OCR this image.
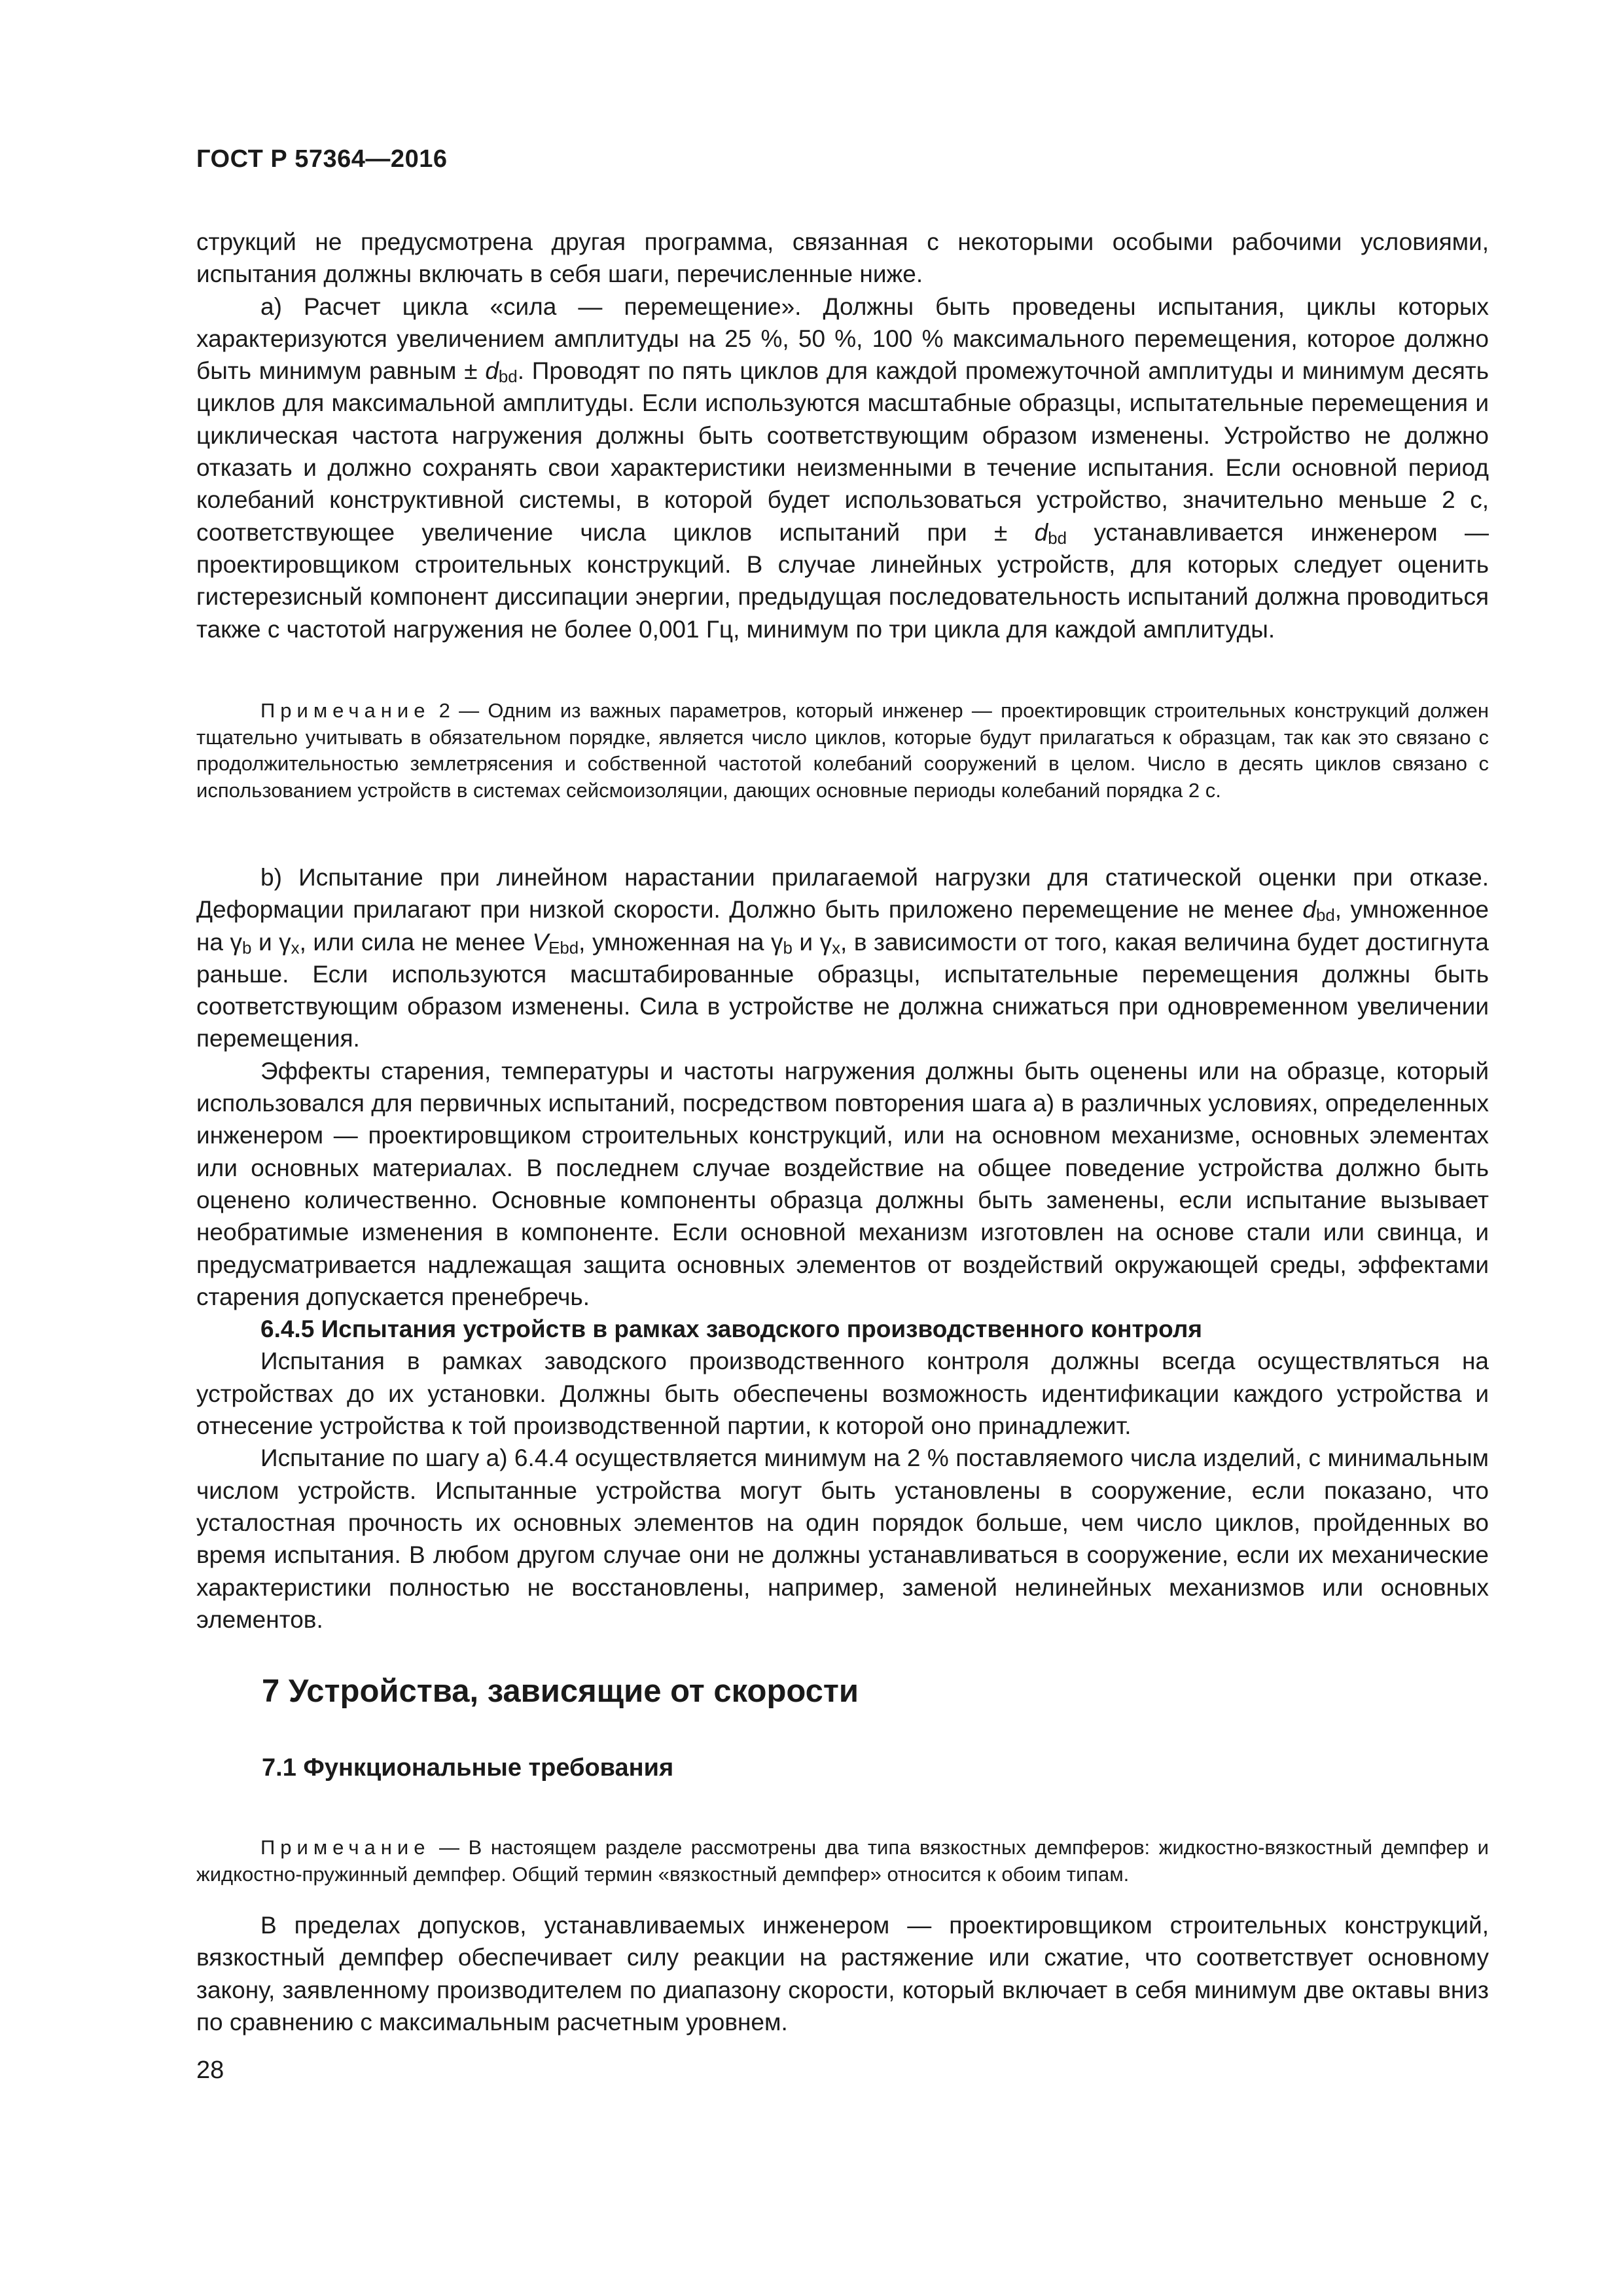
ГОСТ Р 57364—2016

струкций не предусмотрена другая программа, связанная с некоторыми особыми рабочими условиями, испытания должны включать в себя шаги, перечисленные ниже.

а) Расчет цикла «сила — перемещение». Должны быть проведены испытания, циклы которых характеризуются увеличением амплитуды на 25 %, 50 %, 100 % максимального перемещения, которое должно быть минимум равным ± $d_{bd}$. Проводят по пять циклов для каждой промежуточной амплитуды и минимум десять циклов для максимальной амплитуды. Если используются масштабные образцы, испытательные перемещения и циклическая частота нагружения должны быть соответствующим образом изменены. Устройство не должно отказать и должно сохранять свои характеристики неизменными в течение испытания. Если основной период колебаний конструктивной системы, в которой будет использоваться устройство, значительно меньше 2 с, соответствующее увеличение числа циклов испытаний при ± $d_{bd}$ устанавливается инженером — проектировщиком строительных конструкций. В случае линейных устройств, для которых следует оценить гистерезисный компонент диссипации энергии, предыдущая последовательность испытаний должна проводиться также с частотой нагружения не более 0,001 Гц, минимум по три цикла для каждой амплитуды.

Примечание 2 — Одним из важных параметров, который инженер — проектировщик строительных конструкций должен тщательно учитывать в обязательном порядке, является число циклов, которые будут прилагаться к образцам, так как это связано с продолжительностью землетрясения и собственной частотой колебаний сооружений в целом. Число в десять циклов связано с использованием устройств в системах сейсмоизоляции, дающих основные периоды колебаний порядка 2 с.

b) Испытание при линейном нарастании прилагаемой нагрузки для статической оценки при отказе. Деформации прилагают при низкой скорости. Должно быть приложено перемещение не менее $d_{bd}$, умноженное на $\gamma_b$ и $\gamma_x$, или сила не менее $V_{Ebd}$, умноженная на $\gamma_b$ и $\gamma_x$, в зависимости от того, какая величина будет достигнута раньше. Если используются масштабированные образцы, испытательные перемещения должны быть соответствующим образом изменены. Сила в устройстве не должна снижаться при одновременном увеличении перемещения.

Эффекты старения, температуры и частоты нагружения должны быть оценены или на образце, который использовался для первичных испытаний, посредством повторения шага а) в различных условиях, определенных инженером — проектировщиком строительных конструкций, или на основном механизме, основных элементах или основных материалах. В последнем случае воздействие на общее поведение устройства должно быть оценено количественно. Основные компоненты образца должны быть заменены, если испытание вызывает необратимые изменения в компоненте. Если основной механизм изготовлен на основе стали или свинца, и предусматривается надлежащая защита основных элементов от воздействий окружающей среды, эффектами старения допускается пренебречь.

6.4.5 Испытания устройств в рамках заводского производственного контроля

Испытания в рамках заводского производственного контроля должны всегда осуществляться на устройствах до их установки. Должны быть обеспечены возможность идентификации каждого устройства и отнесение устройства к той производственной партии, к которой оно принадлежит.

Испытание по шагу а) 6.4.4 осуществляется минимум на 2 % поставляемого числа изделий, с минимальным числом устройств. Испытанные устройства могут быть установлены в сооружение, если показано, что усталостная прочность их основных элементов на один порядок больше, чем число циклов, пройденных во время испытания. В любом другом случае они не должны устанавливаться в сооружение, если их механические характеристики полностью не восстановлены, например, заменой нелинейных механизмов или основных элементов.

7 Устройства, зависящие от скорости
7.1 Функциональные требования

Примечание — В настоящем разделе рассмотрены два типа вязкостных демпферов: жидкостно-вязкостный демпфер и жидкостно-пружинный демпфер. Общий термин «вязкостный демпфер» относится к обоим типам.

В пределах допусков, устанавливаемых инженером — проектировщиком строительных конструкций, вязкостный демпфер обеспечивает силу реакции на растяжение или сжатие, что соответствует основному закону, заявленному производителем по диапазону скорости, который включает в себя минимум две октавы вниз по сравнению с максимальным расчетным уровнем.

28
